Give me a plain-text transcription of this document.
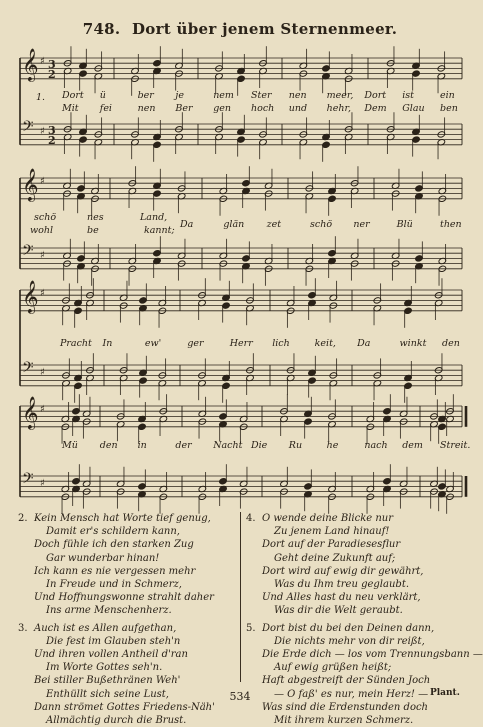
748. Dort über jenem Sternenmeer.
𝄞
𝄢
♯
♯
3
2
3
2
𝄞
𝄢
♯
♯
𝄞
𝄢
♯
♯
𝄞
𝄢
♯
♯
1. Dort ü	ber je	nem Ster nen meer, Dort ist	ein
Mit fei	nen Ber gen hoch und hehr, Dem Glau ben
schö	nes	Land,
wohl	be	kannt;
Da	glän zet	schö ner	Blü	then
Pracht In	ew'	ger	Herr lich	keit, Da	winkt den
Mü den in	der Nacht Die Ru	he	nach dem Streit.
2. Kein Mensch hat Worte tief genug,
Damit er's schildern kann,
Doch fühle ich den starken Zug
Gar wunderbar hinan!
Ich kann es nie vergessen mehr
In Freude und in Schmerz,
Und Hoffnungswonne strahlt daher
Ins arme Menschenherz.
3. Auch ist es Allen aufgethan,
Die fest im Glauben steh'n
Und ihren vollen Antheil d'ran
Im Worte Gottes seh'n.
Bei stiller Bußethränen Weh'
Enthüllt sich seine Lust,
Dann strömet Gottes Friedens-Näh'
Allmächtig durch die Brust.
4. O wende deine Blicke nur
Zu jenem Land hinauf!
Dort auf der Paradiesesflur
Geht deine Zukunft auf;
Dort wird auf ewig dir gewährt,
Was du Ihm treu geglaubt.
Und Alles hast du neu verklärt,
Was dir die Welt geraubt.
5. Dort bist du bei den Deinen dann,
Die nichts mehr von dir reißt,
Die Erde dich — los vom Trennungsbann —
Auf ewig grüßen heißt;
Haft abgestreift der Sünden Joch
— O faß' es nur, mein Herz! —
Was sind die Erdenstunden doch
Mit ihrem kurzen Schmerz.
534	Plant.
